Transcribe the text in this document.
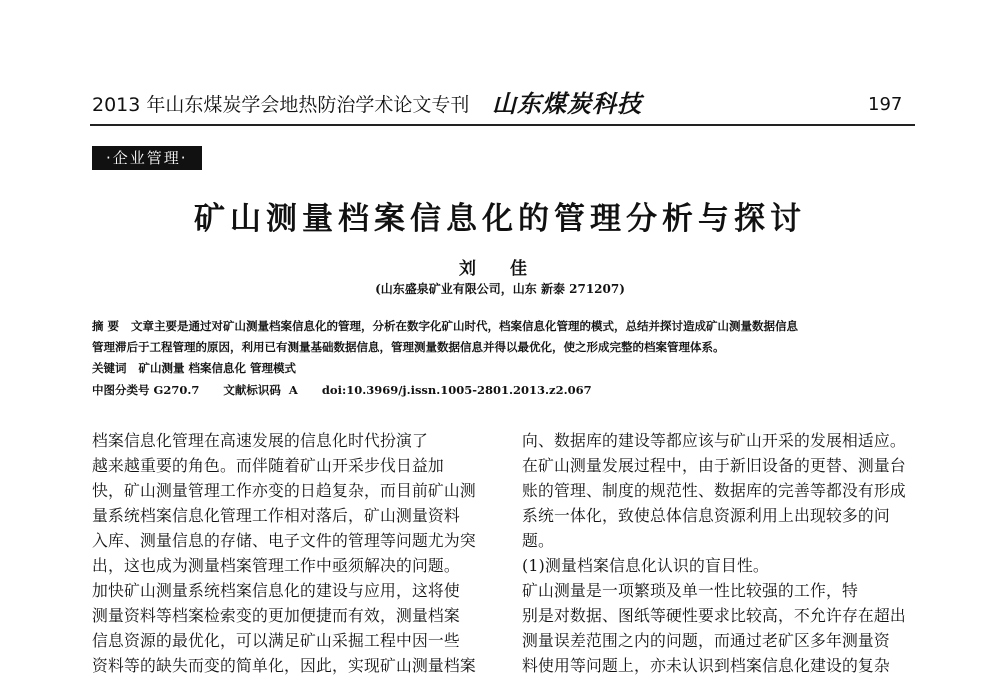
2013 年山东煤炭学会地热防治学术论文专刊 山东煤炭科技	197
·企业管理·
矿山测量档案信息化的管理分析与探讨
刘 佳
(山东盛泉矿业有限公司，山东 新泰 271207)
摘 要 文章主要是通过对矿山测量档案信息化的管理，分析在数字化矿山时代，档案信息化管理的模式，总结并探讨造成矿山测量数据信息
管理滞后于工程管理的原因，利用已有测量基础数据信息，管理测量数据信息并得以最优化，使之形成完整的档案管理体系。
关键词 矿山测量 档案信息化 管理模式
中图分类号 G270.7 文献标识码 A doi:10.3969/j.issn.1005-2801.2013.z2.067
档案信息化管理在高速发展的信息化时代扮演了
越来越重要的角色。而伴随着矿山开采步伐日益加
快，矿山测量管理工作亦变的日趋复杂，而目前矿山测
量系统档案信息化管理工作相对落后，矿山测量资料
入库、测量信息的存储、电子文件的管理等问题尤为突
出，这也成为测量档案管理工作中亟须解决的问题。
加快矿山测量系统档案信息化的建设与应用，这将使
测量资料等档案检索变的更加便捷而有效，测量档案
信息资源的最优化，可以满足矿山采掘工程中因一些
资料等的缺失而变的简单化，因此，实现矿山测量档案
向、数据库的建设等都应该与矿山开采的发展相适应。
在矿山测量发展过程中，由于新旧设备的更替、测量台
账的管理、制度的规范性、数据库的完善等都没有形成
系统一体化，致使总体信息资源利用上出现较多的问
题。
(1)测量档案信息化认识的盲目性。
矿山测量是一项繁琐及单一性比较强的工作，特
别是对数据、图纸等硬性要求比较高，不允许存在超出
测量误差范围之内的问题，而通过老矿区多年测量资
料使用等问题上，亦未认识到档案信息化建设的复杂
